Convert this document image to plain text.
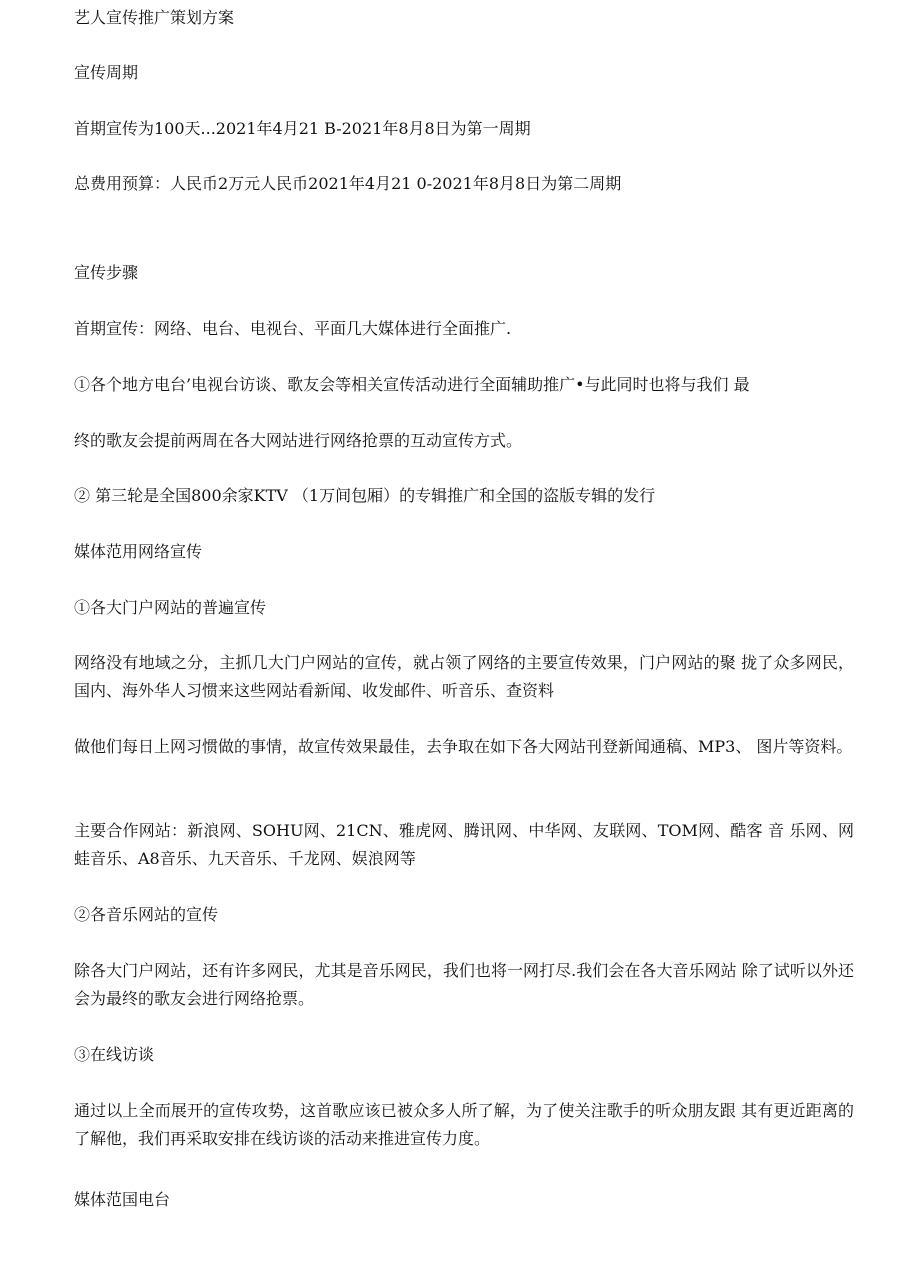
艺人宣传推广策划方案
宣传周期
首期宣传为100天...2021年4月21 B-2021年8月8日为第一周期
总费用预算：人民币2万元人民币2021年4月21 0-2021年8月8日为第二周期
宣传步骤
首期宣传：网络、电台、电视台、平面几大媒体进行全面推广.
①各个地方电台’电视台访谈、歌友会等相关宣传活动进行全面辅助推广•与此同时也将与我们 最
终的歌友会提前两周在各大网站进行网络抢票的互动宣传方式。
② 第三轮是全国800余家KTV （1万间包厢）的专辑推广和全国的盗版专辑的发行
媒体范用网络宣传
①各大门户网站的普遍宣传
网络没有地域之分，主抓几大门户网站的宣传，就占领了网络的主要宣传效果，门户网站的聚 拢了众多网民，国内、海外华人习惯来这些网站看新闻、收发邮件、听音乐、查资料
做他们每日上网习惯做的事情，故宣传效果最佳，去争取在如下各大网站刊登新闻通稿、MP3、 图片等资料。
主要合作网站：新浪网、SOHU网、21CN、雅虎网、腾讯网、中华网、友联网、TOM网、酷客 音 乐网、网蛙音乐、A8音乐、九天音乐、千龙网、娱浪网等
②各音乐网站的宣传
除各大门户网站，还有许多网民，尤其是音乐网民，我们也将一网打尽.我们会在各大音乐网站 除了试听以外还会为最终的歌友会进行网络抢票。
③在线访谈
通过以上全而展开的宣传攻势，这首歌应该已被众多人所了解，为了使关注歌手的听众朋友跟 其有更近距离的了解他，我们再采取安排在线访谈的活动来推进宣传力度。
媒体范国电台
